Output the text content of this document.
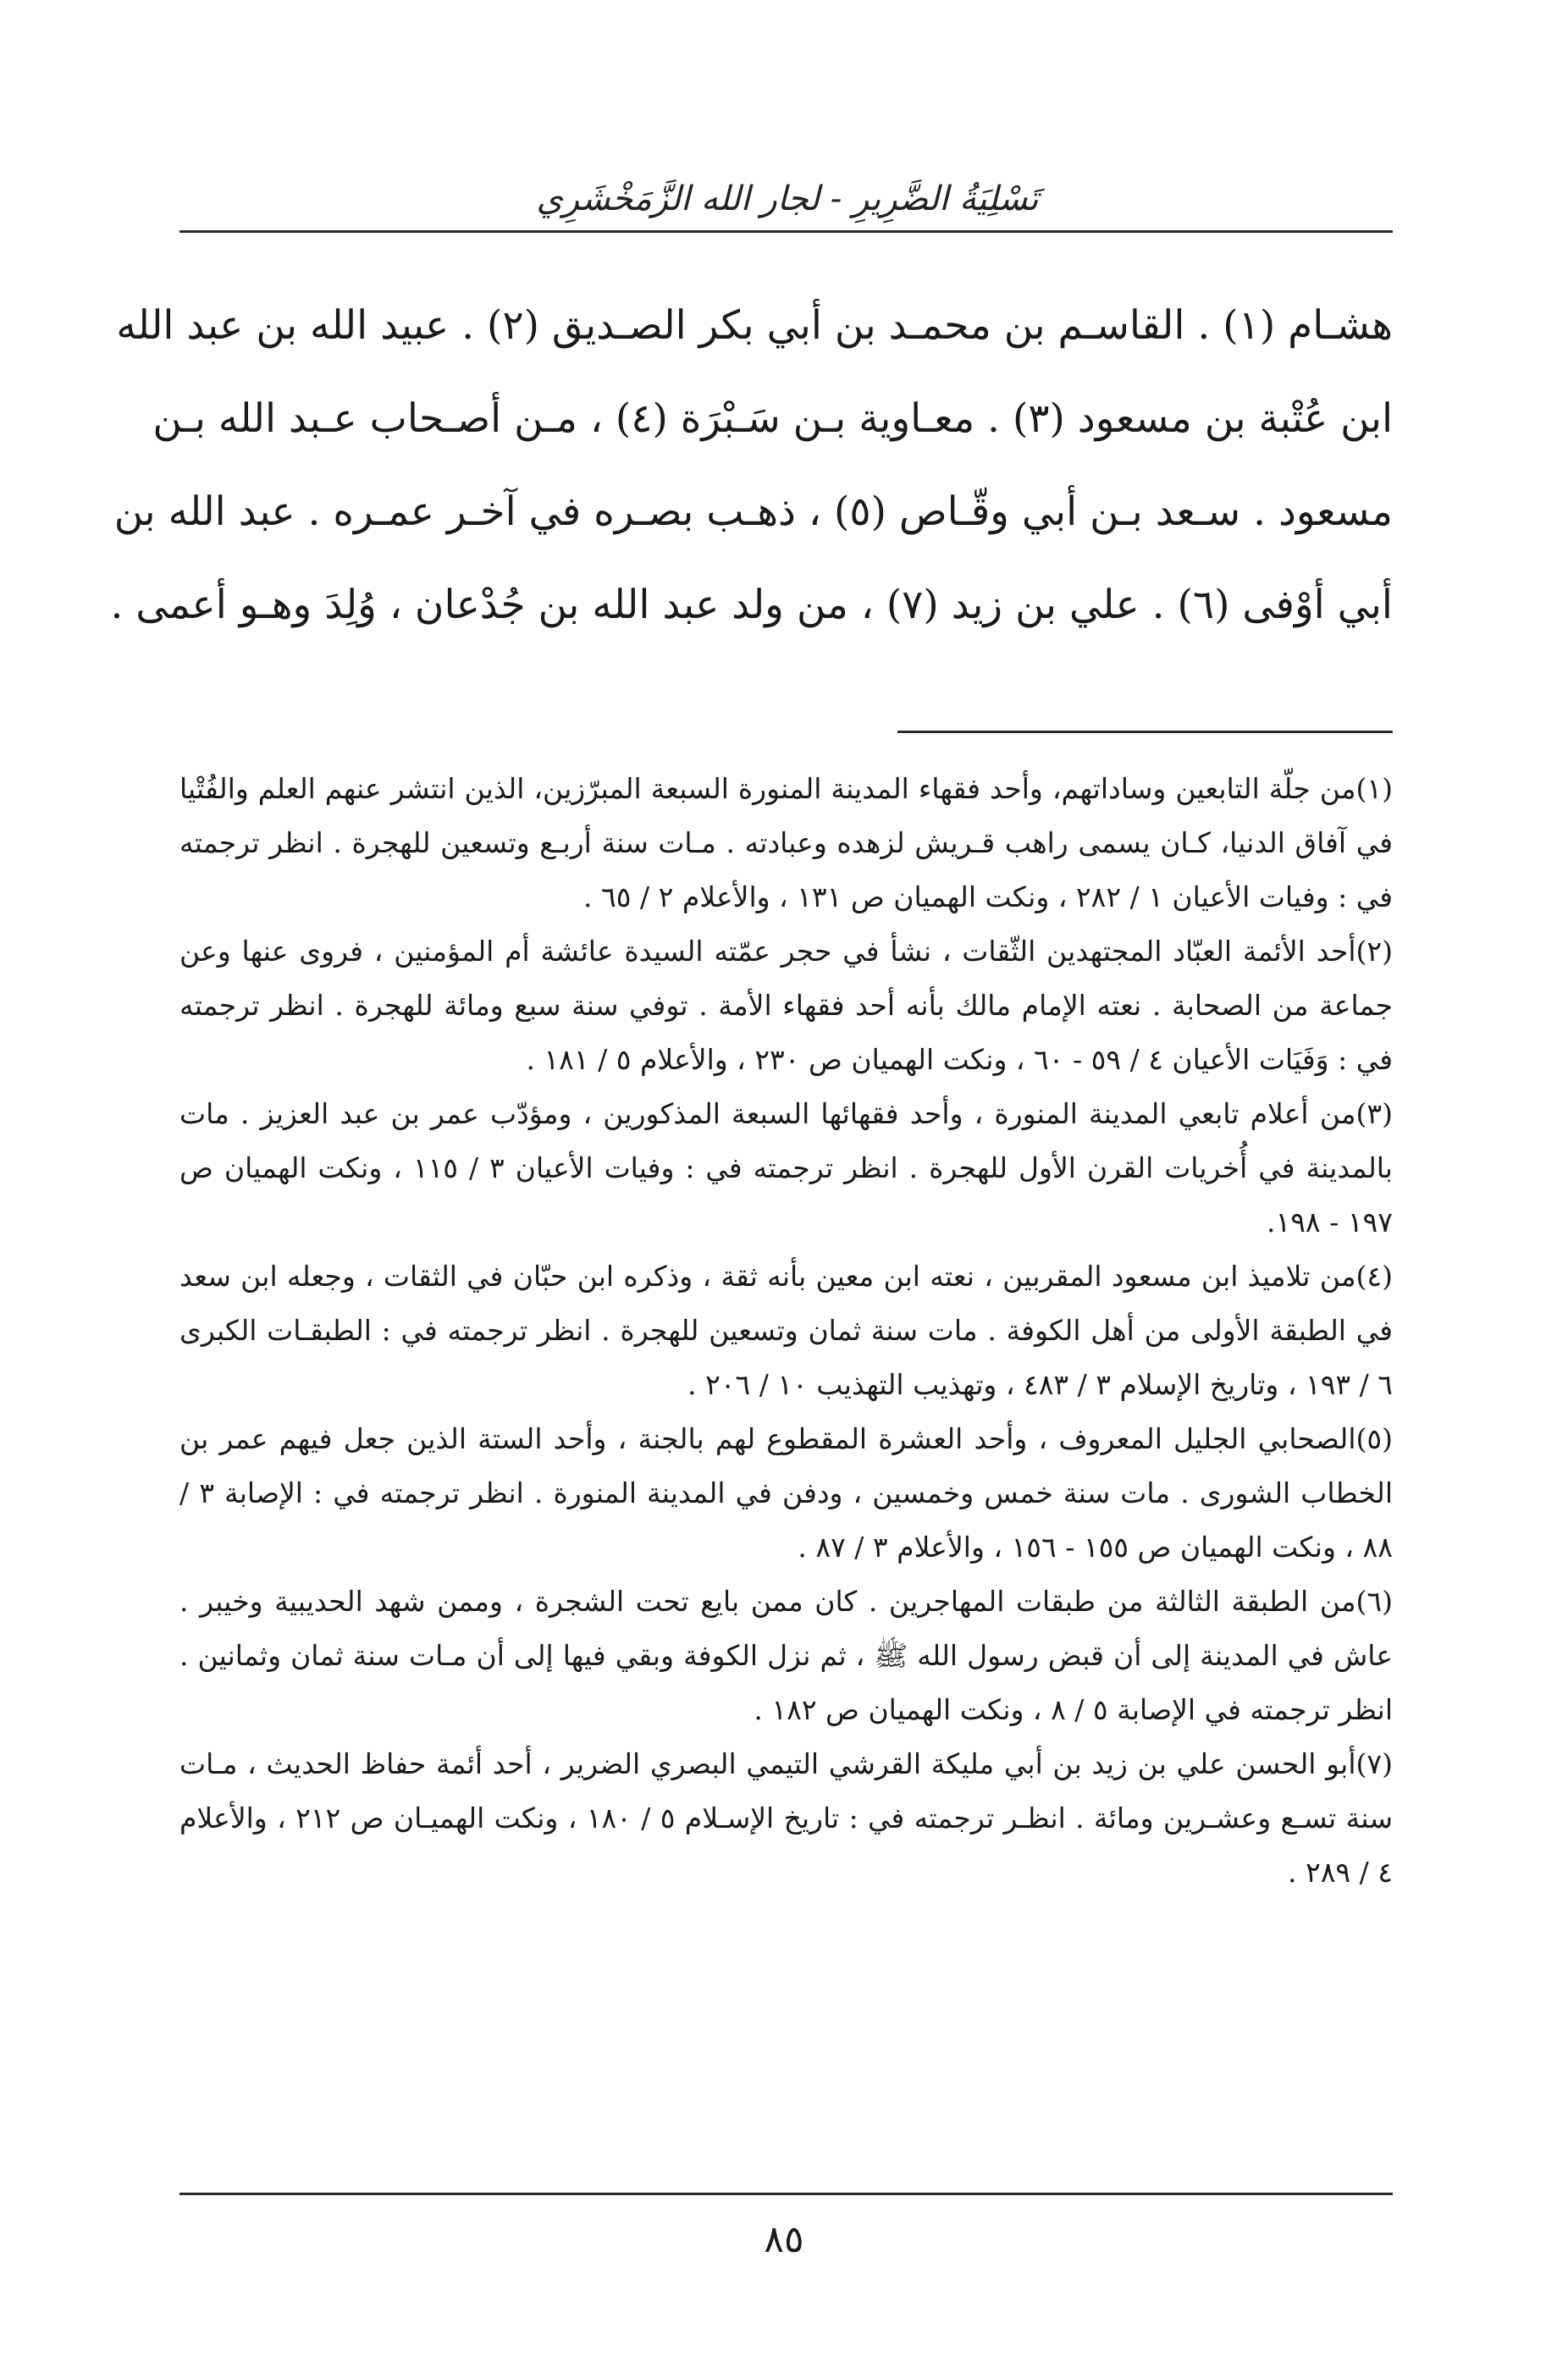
تَسْلِيَةُ الضَّرِيرِ - لجار الله الزَّمَخْشَرِي
هشـام (١) . القاسـم بن محمـد بن أبي بكر الصـديق (٢) . عبيد الله بن عبد الله
ابن عُتْبة بن مسعود (٣) . معـاوية بـن سَـبْرَة (٤) ، مـن أصـحاب عـبد الله بـن
مسعود . سـعد بـن أبي وقّـاص (٥) ، ذهـب بصـره في آخـر عمـره . عبد الله بن
أبي أوْفى (٦) . علي بن زيد (٧) ، من ولد عبد الله بن جُدْعان ، وُلِدَ وهـو أعمى .

(١)من جلّة التابعين وساداتهم، وأحد فقهاء المدينة المنورة السبعة المبرّزين، الذين انتشر عنهم العلم والفُتْيا في آفاق الدنيا، كـان يسمى راهب قـريش لزهده وعبادته . مـات سنة أربـع وتسعين للهجرة . انظر ترجمته في : وفيات الأعيان ١ / ٢٨٢ ، ونكت الهميان ص ١٣١ ، والأعلام ٢ / ٦٥ .

(٢)أحد الأئمة العبّاد المجتهدين الثّقات ، نشأ في حجر عمّته السيدة عائشة أم المؤمنين ، فروى عنها وعن جماعة من الصحابة . نعته الإمام مالك بأنه أحد فقهاء الأمة . توفي سنة سبع ومائة للهجرة . انظر ترجمته في : وَفَيَات الأعيان ٤ / ٥٩ - ٦٠ ، ونكت الهميان ص ٢٣٠ ، والأعلام ٥ / ١٨١ .

(٣)من أعلام تابعي المدينة المنورة ، وأحد فقهائها السبعة المذكورين ، ومؤدّب عمر بن عبد العزيز . مات بالمدينة في أُخريات القرن الأول للهجرة . انظر ترجمته في : وفيات الأعيان ٣ / ١١٥ ، ونكت الهميان ص ١٩٧ - ١٩٨.

(٤)من تلاميذ ابن مسعود المقربين ، نعته ابن معين بأنه ثقة ، وذكره ابن حبّان في الثقات ، وجعله ابن سعد في الطبقة الأولى من أهل الكوفة . مات سنة ثمان وتسعين للهجرة . انظر ترجمته في : الطبقـات الكبرى ٦ / ١٩٣ ، وتاريخ الإسلام ٣ / ٤٨٣ ، وتهذيب التهذيب ١٠ / ٢٠٦ .

(٥)الصحابي الجليل المعروف ، وأحد العشرة المقطوع لهم بالجنة ، وأحد الستة الذين جعل فيهم عمر بن الخطاب الشورى . مات سنة خمس وخمسين ، ودفن في المدينة المنورة . انظر ترجمته في : الإصابة ٣ / ٨٨ ، ونكت الهميان ص ١٥٥ - ١٥٦ ، والأعلام ٣ / ٨٧ .

(٦)من الطبقة الثالثة من طبقات المهاجرين . كان ممن بايع تحت الشجرة ، وممن شهد الحديبية وخيبر . عاش في المدينة إلى أن قبض رسول الله ﷺ ، ثم نزل الكوفة وبقي فيها إلى أن مـات سنة ثمان وثمانين . انظر ترجمته في الإصابة ٥ / ٨ ، ونكت الهميان ص ١٨٢ .

(٧)أبو الحسن علي بن زيد بن أبي مليكة القرشي التيمي البصري الضرير ، أحد أئمة حفاظ الحديث ، مـات سنة تسـع وعشـرين ومائة . انظـر ترجمته في : تاريخ الإسـلام ٥ / ١٨٠ ، ونكت الهميـان ص ٢١٢ ، والأعلام ٤ / ٢٨٩ .

٨٥
